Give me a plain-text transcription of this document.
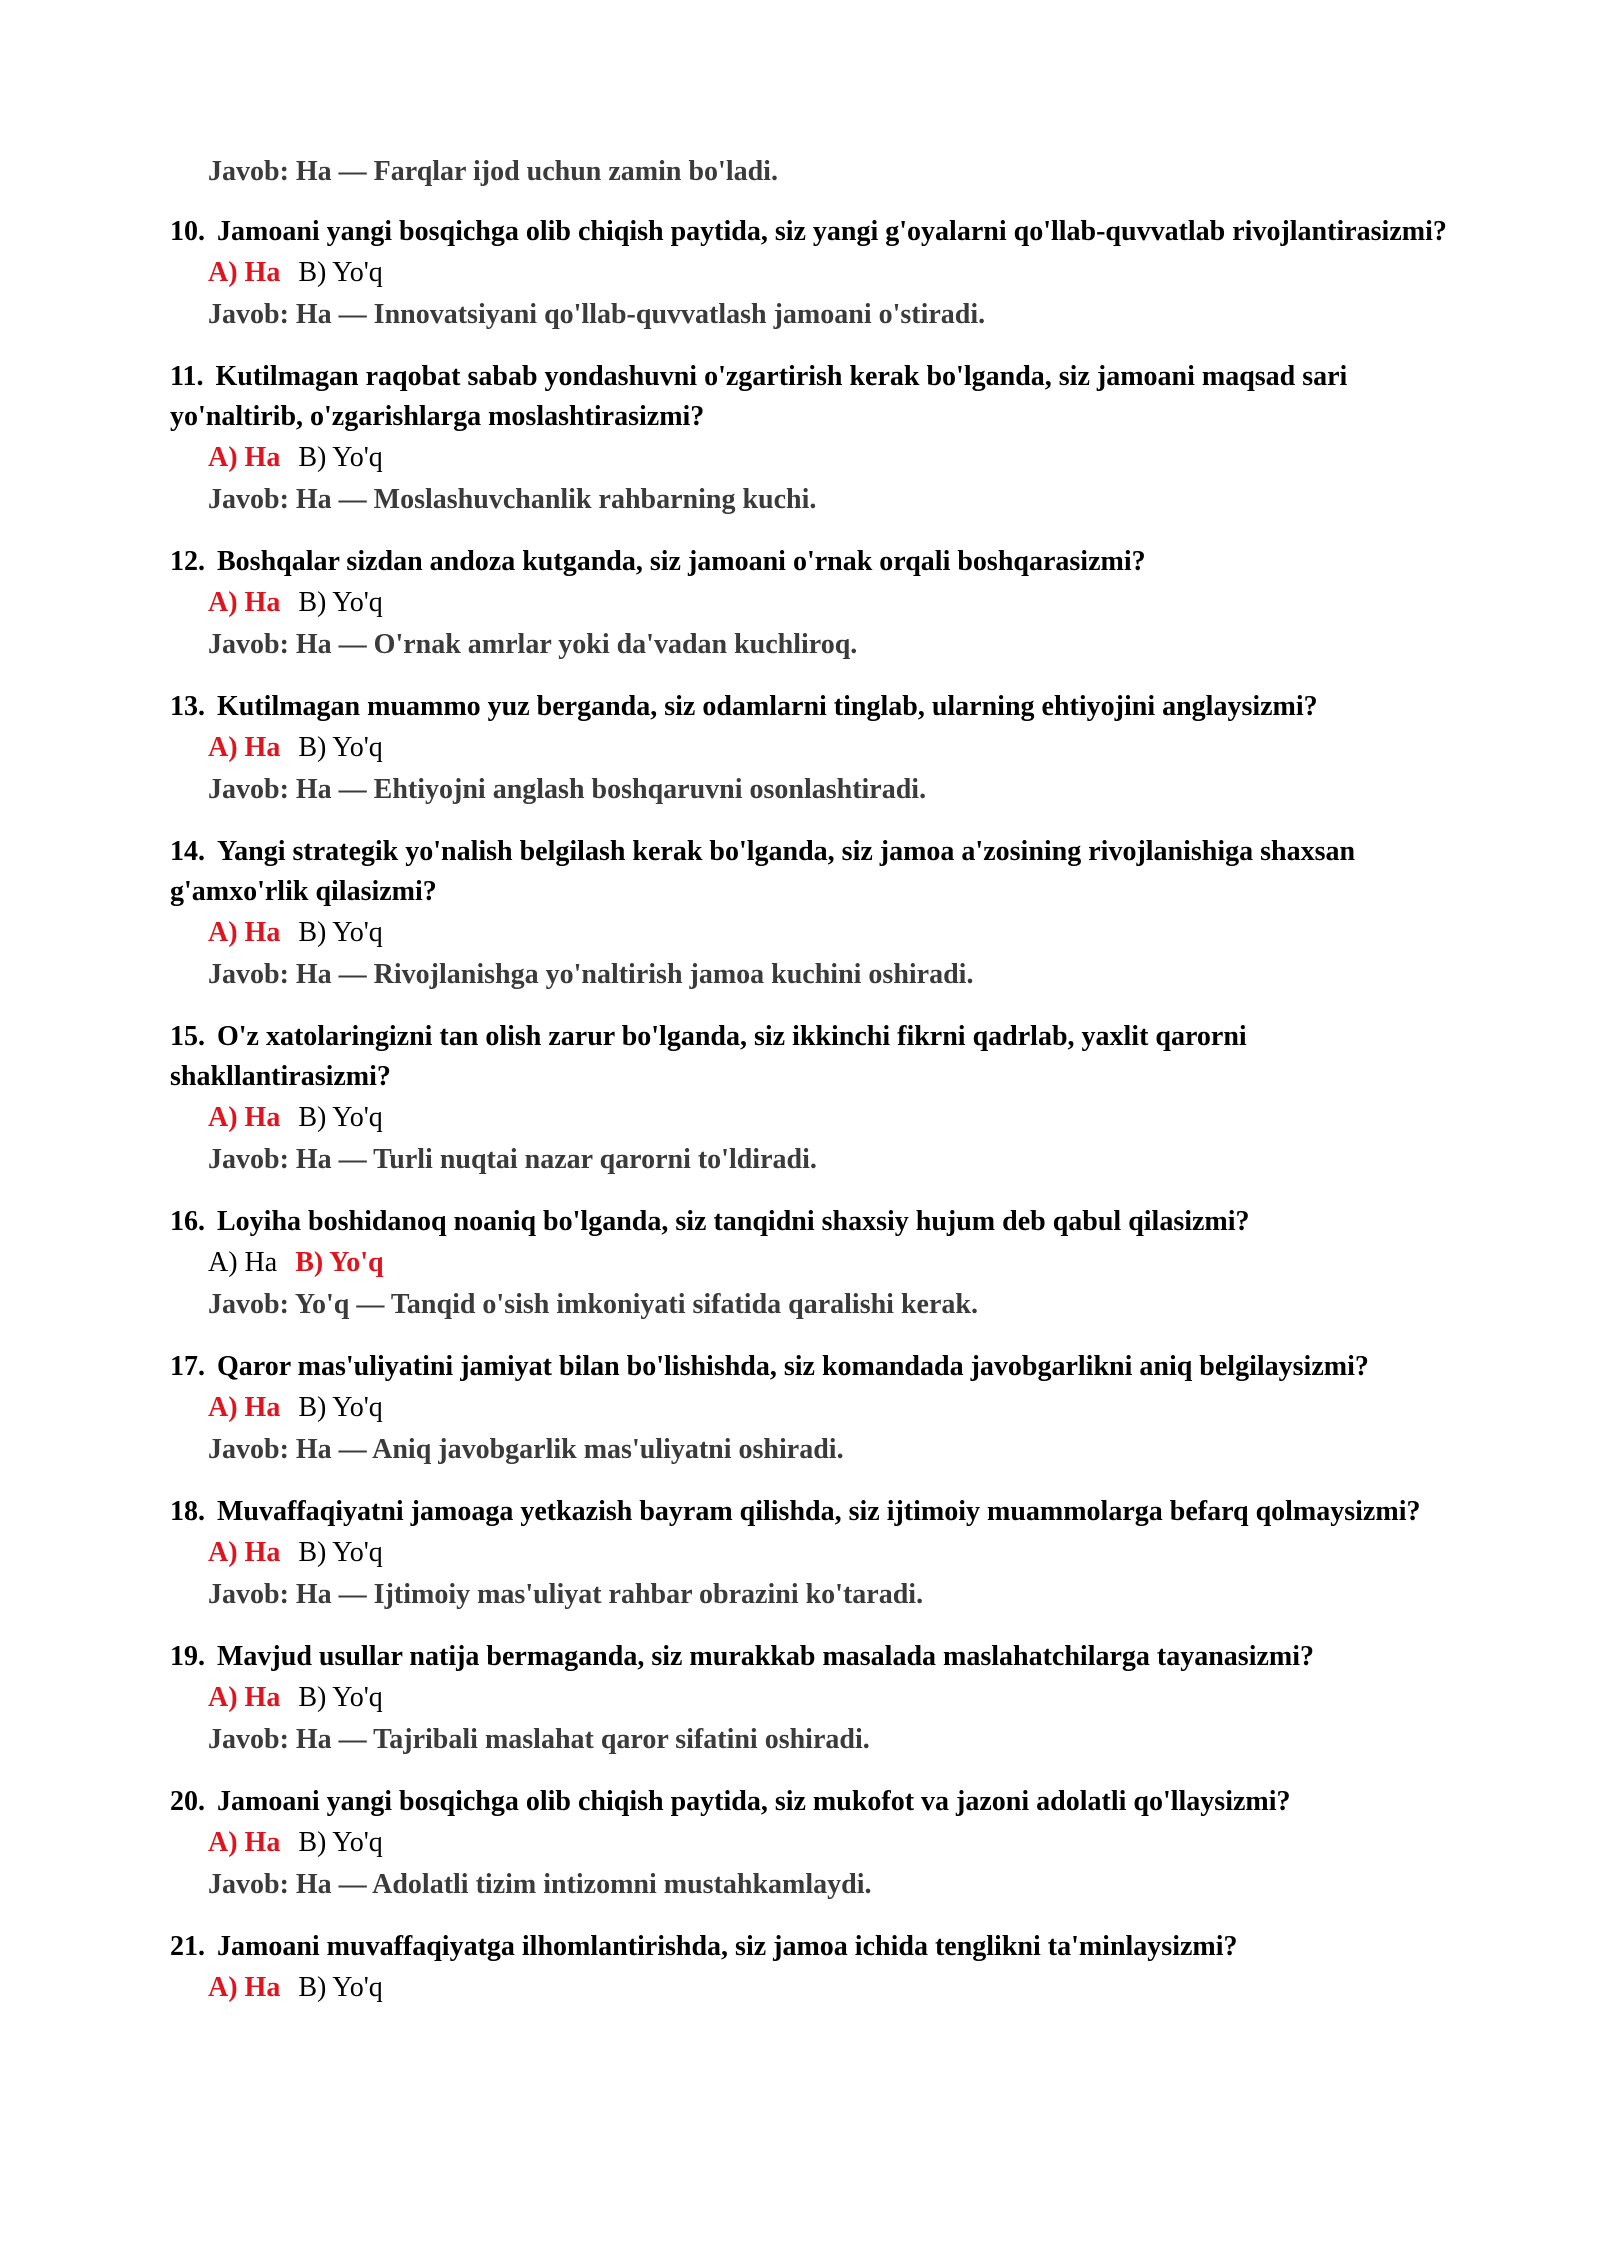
Javob: Ha — Farqlar ijod uchun zamin bo'ladi.
10. Jamoani yangi bosqichga olib chiqish paytida, siz yangi g'oyalarni qo'llab-quvvatlab rivojlantirasizmi?
A) Ha B) Yo'q
Javob: Ha — Innovatsiyani qo'llab-quvvatlash jamoani o'stiradi.
11. Kutilmagan raqobat sabab yondashuvni o'zgartirish kerak bo'lganda, siz jamoani maqsad sari yo'naltirib, o'zgarishlarga moslashtirasizmi?
A) Ha B) Yo'q
Javob: Ha — Moslashuvchanlik rahbarning kuchi.
12. Boshqalar sizdan andoza kutganda, siz jamoani o'rnak orqali boshqarasizmi?
A) Ha B) Yo'q
Javob: Ha — O'rnak amrlar yoki da'vadan kuchliroq.
13. Kutilmagan muammo yuz berganda, siz odamlarni tinglab, ularning ehtiyojini anglaysizmi?
A) Ha B) Yo'q
Javob: Ha — Ehtiyojni anglash boshqaruvni osonlashtiradi.
14. Yangi strategik yo'nalish belgilash kerak bo'lganda, siz jamoa a'zosining rivojlanishiga shaxsan g'amxo'rlik qilasizmi?
A) Ha B) Yo'q
Javob: Ha — Rivojlanishga yo'naltirish jamoa kuchini oshiradi.
15. O'z xatolaringizni tan olish zarur bo'lganda, siz ikkinchi fikrni qadrlab, yaxlit qarorni shakllantirasizmi?
A) Ha B) Yo'q
Javob: Ha — Turli nuqtai nazar qarorni to'ldiradi.
16. Loyiha boshidanoq noaniq bo'lganda, siz tanqidni shaxsiy hujum deb qabul qilasizmi?
A) Ha B) Yo'q
Javob: Yo'q — Tanqid o'sish imkoniyati sifatida qaralishi kerak.
17. Qaror mas'uliyatini jamiyat bilan bo'lishishda, siz komandada javobgarlikni aniq belgilaysizmi?
A) Ha B) Yo'q
Javob: Ha — Aniq javobgarlik mas'uliyatni oshiradi.
18. Muvaffaqiyatni jamoaga yetkazish bayram qilishda, siz ijtimoiy muammolarga befarq qolmaysizmi?
A) Ha B) Yo'q
Javob: Ha — Ijtimoiy mas'uliyat rahbar obrazini ko'taradi.
19. Mavjud usullar natija bermaganda, siz murakkab masalada maslahatchilarga tayanasizmi?
A) Ha B) Yo'q
Javob: Ha — Tajribali maslahat qaror sifatini oshiradi.
20. Jamoani yangi bosqichga olib chiqish paytida, siz mukofot va jazoni adolatli qo'llaysizmi?
A) Ha B) Yo'q
Javob: Ha — Adolatli tizim intizomni mustahkamlaydi.
21. Jamoani muvaffaqiyatga ilhomlantirishda, siz jamoa ichida tenglikni ta'minlaysizmi?
A) Ha B) Yo'q
